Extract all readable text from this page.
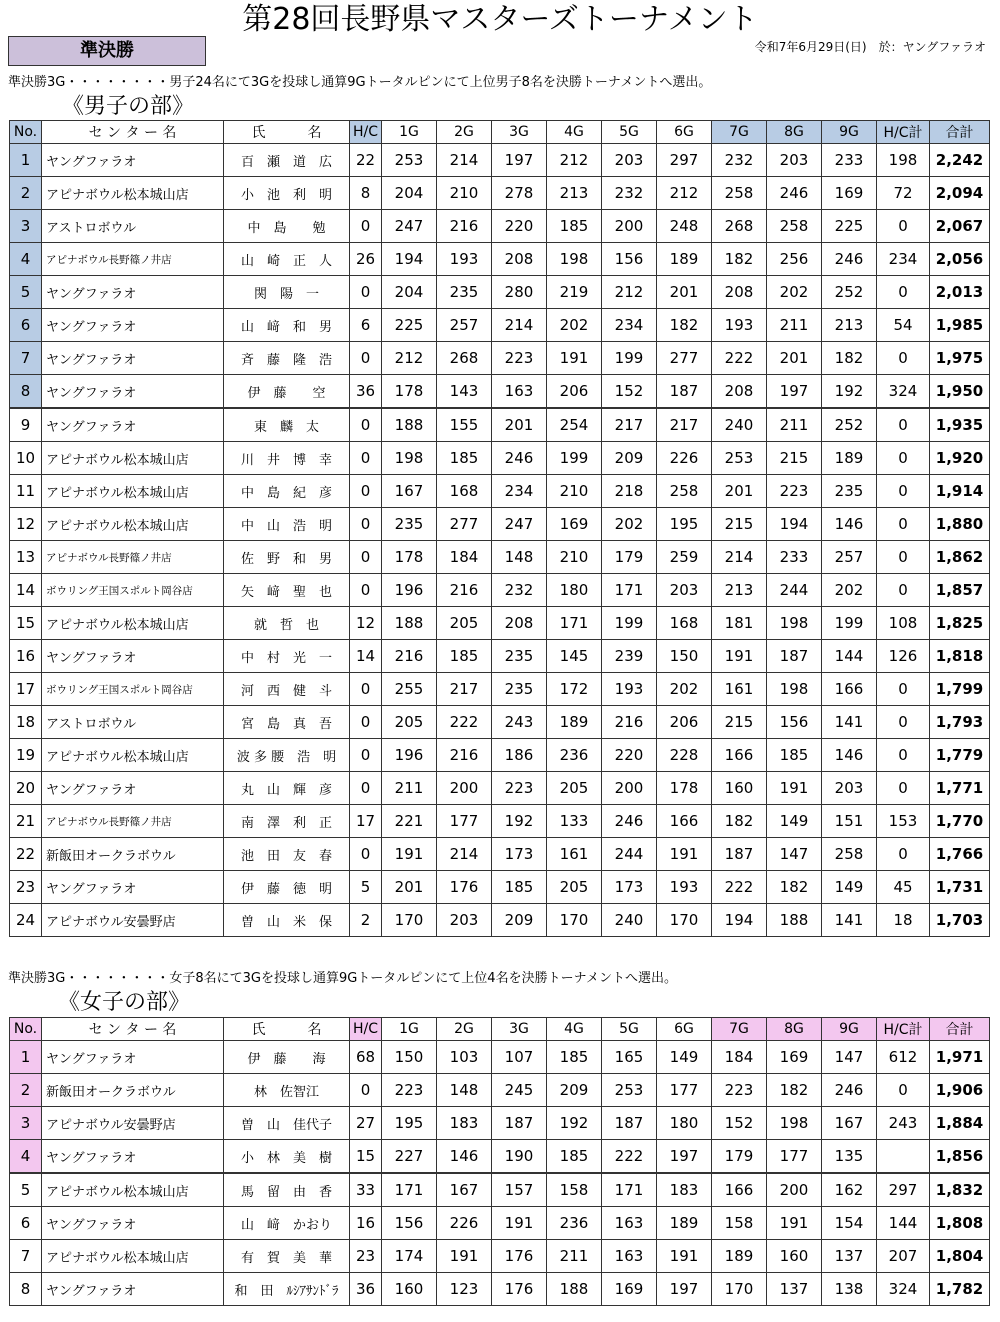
第28回長野県マスターズトーナメント
準決勝	令和7年6月29日(日)　於：ヤングファラオ
準決勝3G・・・・・・・・男子24名にて3Gを投球し通算9Gトータルピンにて上位男子8名を決勝トーナメントへ選出。
《男子の部》
No.	セ ン タ ー 名	氏　　　名	H/C	1G	2G	3G	4G	5G	6G	7G	8G	9G	H/C計	合計
1	ヤングファラオ	百　瀬　道　広	22	253	214	197	212	203	297	232	203	233	198	2,242
2	アピナボウル松本城山店	小　池　利　明	8	204	210	278	213	232	212	258	246	169	72	2,094
3	アストロボウル	中　島　　勉	0	247	216	220	185	200	248	268	258	225	0	2,067
4	アピナボウル長野篠ノ井店	山　崎　正　人	26	194	193	208	198	156	189	182	256	246	234	2,056
5	ヤングファラオ	関　陽　一	0	204	235	280	219	212	201	208	202	252	0	2,013
6	ヤングファラオ	山　﨑　和　男	6	225	257	214	202	234	182	193	211	213	54	1,985
7	ヤングファラオ	斉　藤　隆　浩	0	212	268	223	191	199	277	222	201	182	0	1,975
8	ヤングファラオ	伊　藤　　空	36	178	143	163	206	152	187	208	197	192	324	1,950
9	ヤングファラオ	東　麟　太	0	188	155	201	254	217	217	240	211	252	0	1,935
10	アピナボウル松本城山店	川　井　博　幸	0	198	185	246	199	209	226	253	215	189	0	1,920
11	アピナボウル松本城山店	中　島　紀　彦	0	167	168	234	210	218	258	201	223	235	0	1,914
12	アピナボウル松本城山店	中　山　浩　明	0	235	277	247	169	202	195	215	194	146	0	1,880
13	アピナボウル長野篠ノ井店	佐　野　和　男	0	178	184	148	210	179	259	214	233	257	0	1,862
14	ボウリング王国スポルト岡谷店	矢　﨑　聖　也	0	196	216	232	180	171	203	213	244	202	0	1,857
15	アピナボウル松本城山店	就　哲　也	12	188	205	208	171	199	168	181	198	199	108	1,825
16	ヤングファラオ	中　村　光　一	14	216	185	235	145	239	150	191	187	144	126	1,818
17	ボウリング王国スポルト岡谷店	河　西　健　斗	0	255	217	235	172	193	202	161	198	166	0	1,799
18	アストロボウル	宮　島　真　吾	0	205	222	243	189	216	206	215	156	141	0	1,793
19	アピナボウル松本城山店	波 多 腰　浩　明	0	196	216	186	236	220	228	166	185	146	0	1,779
20	ヤングファラオ	丸　山　輝　彦	0	211	200	223	205	200	178	160	191	203	0	1,771
21	アピナボウル長野篠ノ井店	南　澤　利　正	17	221	177	192	133	246	166	182	149	151	153	1,770
22	新飯田オークラボウル	池　田　友　春	0	191	214	173	161	244	191	187	147	258	0	1,766
23	ヤングファラオ	伊　藤　徳　明	5	201	176	185	205	173	193	222	182	149	45	1,731
24	アピナボウル安曇野店	曽　山　米　保	2	170	203	209	170	240	170	194	188	141	18	1,703
準決勝3G・・・・・・・・女子8名にて3Gを投球し通算9Gトータルピンにて上位4名を決勝トーナメントへ選出。
《女子の部》
No.	セ ン タ ー 名	氏　　　名	H/C	1G	2G	3G	4G	5G	6G	7G	8G	9G	H/C計	合計
1	ヤングファラオ	伊　藤　　海	68	150	103	107	185	165	149	184	169	147	612	1,971
2	新飯田オークラボウル	林　佐智江	0	223	148	245	209	253	177	223	182	246	0	1,906
3	アピナボウル安曇野店	曽　山　佳代子	27	195	183	187	192	187	180	152	198	167	243	1,884
4	ヤングファラオ	小　林　美　樹	15	227	146	190	185	222	197	179	177	135		1,856
5	アピナボウル松本城山店	馬　留　由　香	33	171	167	157	158	171	183	166	200	162	297	1,832
6	ヤングファラオ	山　﨑　かおり	16	156	226	191	236	163	189	158	191	154	144	1,808
7	アピナボウル松本城山店	有　賀　美　華	23	174	191	176	211	163	191	189	160	137	207	1,804
8	ヤングファラオ	和　田　ﾙｼｱｻﾝﾄﾞﾗ	36	160	123	176	188	169	197	170	137	138	324	1,782
